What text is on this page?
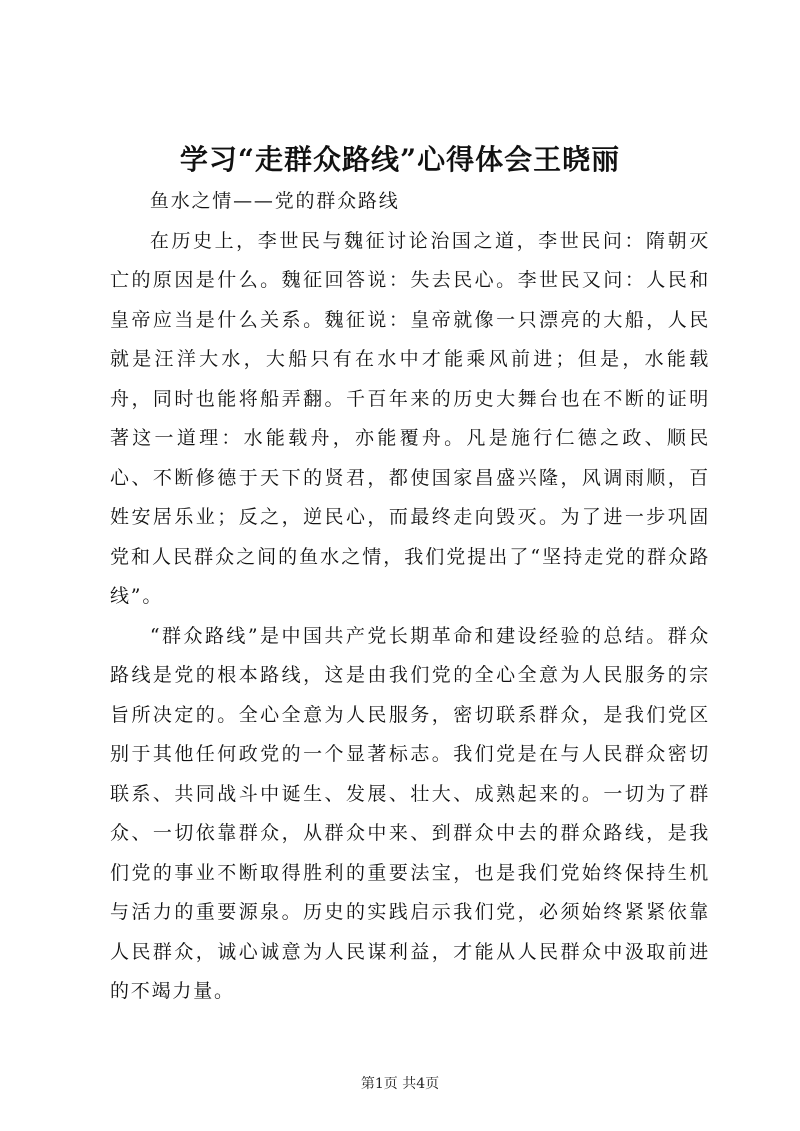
学习“走群众路线”心得体会王晓丽

鱼水之情——党的群众路线

在历史上，李世民与魏征讨论治国之道，李世民问：隋朝灭亡的原因是什么。魏征回答说：失去民心。李世民又问：人民和皇帝应当是什么关系。魏征说：皇帝就像一只漂亮的大船，人民就是汪洋大水，大船只有在水中才能乘风前进；但是，水能载舟，同时也能将船弄翻。千百年来的历史大舞台也在不断的证明著这一道理：水能载舟，亦能覆舟。凡是施行仁德之政、顺民心、不断修德于天下的贤君，都使国家昌盛兴隆，风调雨顺，百姓安居乐业；反之，逆民心，而最终走向毁灭。为了进一步巩固党和人民群众之间的鱼水之情，我们党提出了“坚持走党的群众路线”。

“群众路线”是中国共产党长期革命和建设经验的总结。群众路线是党的根本路线，这是由我们党的全心全意为人民服务的宗旨所决定的。全心全意为人民服务，密切联系群众，是我们党区别于其他任何政党的一个显著标志。我们党是在与人民群众密切联系、共同战斗中诞生、发展、壮大、成熟起来的。一切为了群众、一切依靠群众，从群众中来、到群众中去的群众路线，是我们党的事业不断取得胜利的重要法宝，也是我们党始终保持生机与活力的重要源泉。历史的实践启示我们党，必须始终紧紧依靠人民群众，诚心诚意为人民谋利益，才能从人民群众中汲取前进的不竭力量。

第1页 共4页
